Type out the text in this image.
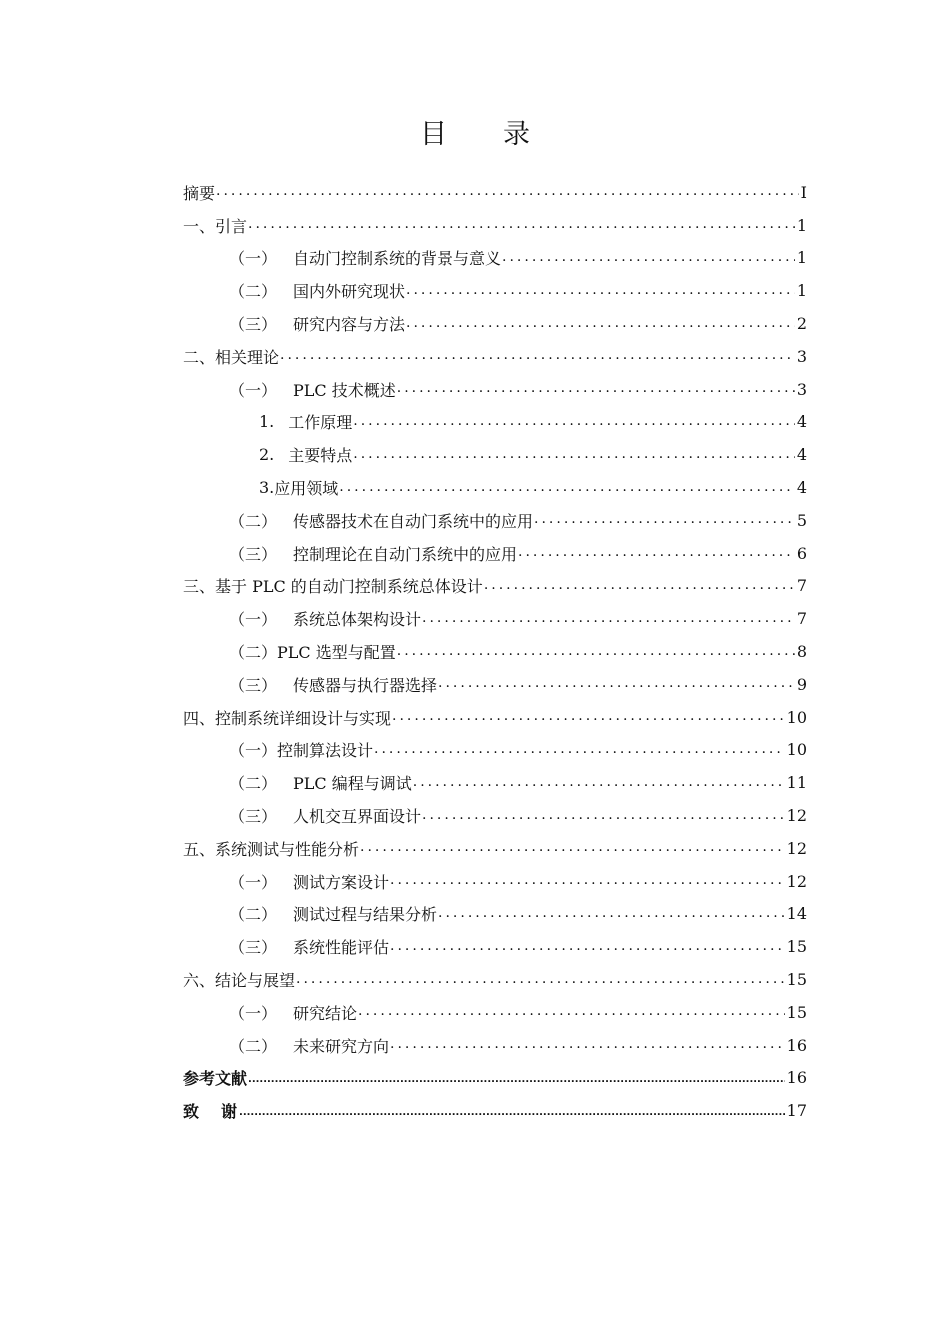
目录
摘要 .....	I
一、引言 .....	1
（一） 自动门控制系统的背景与意义 .....	1
（二） 国内外研究现状 .....	1
（三） 研究内容与方法 .....	2
二、相关理论 .....	3
（一） PLC 技术概述 .....	3
1. 工作原理 .....	4
2. 主要特点 .....	4
3. 应用领域 .....	4
（二） 传感器技术在自动门系统中的应用 .....	5
（三） 控制理论在自动门系统中的应用 .....	6
三、基于 PLC 的自动门控制系统总体设计 .....	7
（一） 系统总体架构设计 .....	7
（二） PLC 选型与配置 .....	8
（三） 传感器与执行器选择 .....	9
四、控制系统详细设计与实现 .....	10
（一） 控制算法设计 .....	10
（二） PLC 编程与调试 .....	11
（三） 人机交互界面设计 .....	12
五、系统测试与性能分析 .....	12
（一） 测试方案设计 .....	12
（二） 测试过程与结果分析 .....	14
（三） 系统性能评估 .....	15
六、结论与展望 .....	15
（一） 研究结论 .....	15
（二） 未来研究方向 .....	16
参考文献 .....	16
致谢 .....	17
